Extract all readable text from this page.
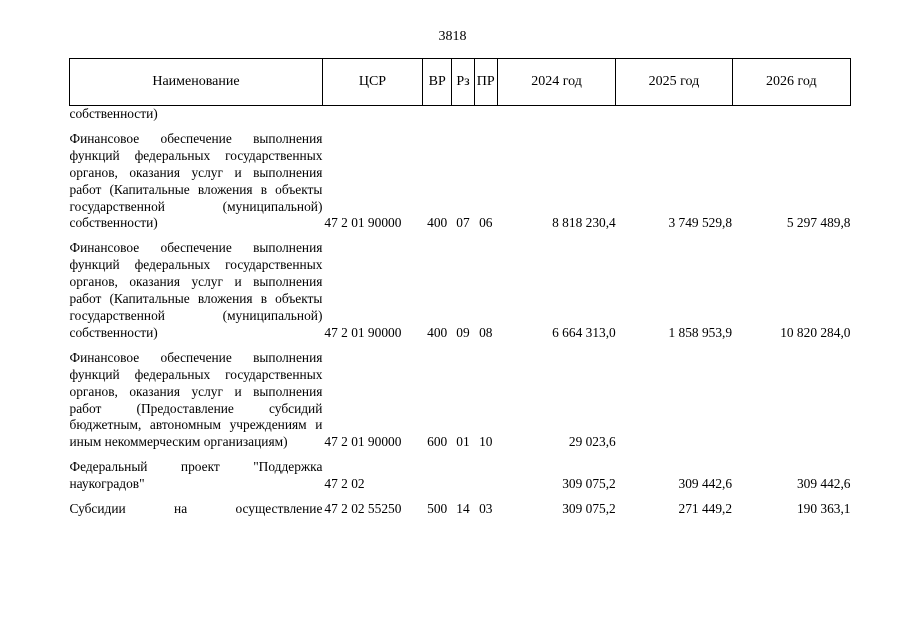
3818
Наименование	ЦСР	ВР	Рз	ПР	2024 год	2025 год	2026 год
собственности)							

Финансовое обеспечение выполнения функций федеральных государственных органов, оказания услуг и выполнения работ (Капитальные вложения в объекты государственной (муниципальной) собственности)	47 2 01 90000	400	07	06	8 818 230,4	3 749 529,8	5 297 489,8

Финансовое обеспечение выполнения функций федеральных государственных органов, оказания услуг и выполнения работ (Капитальные вложения в объекты государственной (муниципальной) собственности)	47 2 01 90000	400	09	08	6 664 313,0	1 858 953,9	10 820 284,0

Финансовое обеспечение выполнения функций федеральных государственных органов, оказания услуг и выполнения работ (Предоставление субсидий бюджетным, автономным учреждениям и иным некоммерческим организациям)	47 2 01 90000	600	01	10	29 023,6		

Федеральный проект "Поддержка наукоградов"	47 2 02				309 075,2	309 442,6	309 442,6

Субсидии на осуществление	47 2 02 55250	500	14	03	309 075,2	271 449,2	190 363,1
